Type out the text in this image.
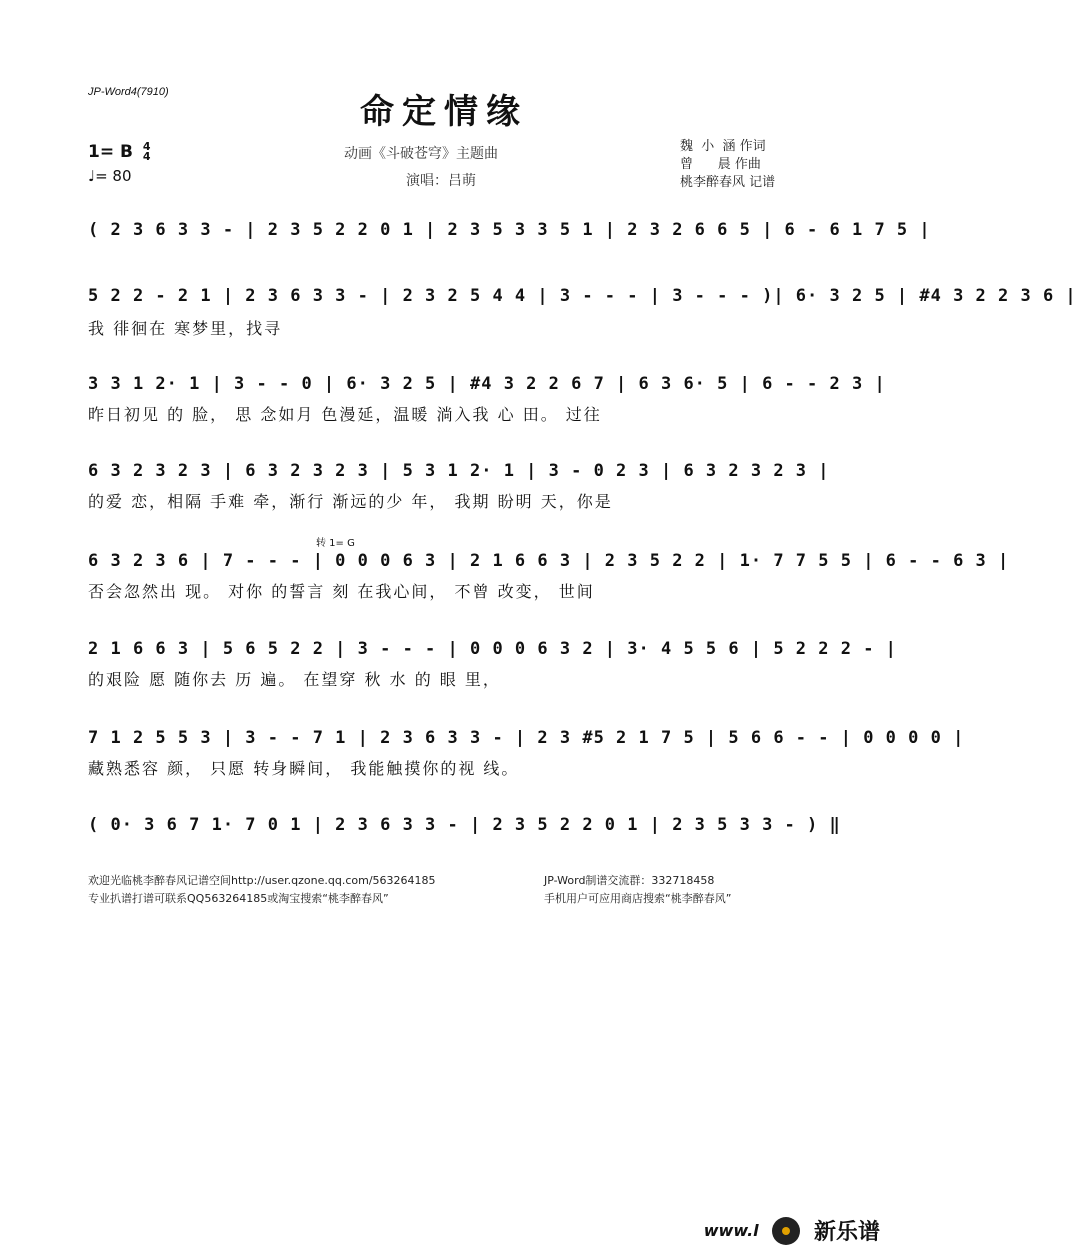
JP-Word4(7910)	命定情缘
动画《斗破苍穹》主题曲
演唱：吕萌
1= B 4
4
♩= 80
魏  小  涵 作词
曾      晨 作曲
桃李醉春风 记谱
( 2 3 6 3 3 - | 2 3 5 2 2 0 1 | 2 3 5 3 3 5 1 | 2 3 2 6 6 5 | 6 - 6 1 7 5 |
5 2 2 - 2 1 | 2 3 6 3 3 - | 2 3 2 5 4 4 | 3 - - - | 3 - - - )| 6· 3 2 5 | #4 3 2 2 3 6 |
我 徘徊在 寒梦里，找寻
3 3 1 2· 1 | 3 - - 0 | 6· 3 2 5 | #4 3 2 2 6 7 | 6 3 6· 5 | 6 - - 2 3 |
昨日初见 的 脸， 思 念如月 色漫延，温暖 淌入我 心 田。 过往
6 3 2 3 2 3 | 6 3 2 3 2 3 | 5 3 1 2· 1 | 3 - 0 2 3 | 6 3 2 3 2 3 |
的爱 恋，相隔 手难 牵，渐行 渐远的少 年， 我期 盼明 天，你是
转 1= G
6 3 2 3 6 | 7 - - - | 0 0 0 6 3 | 2 1 6 6 3 | 2 3 5 2 2 | 1· 7 7 5 5 | 6 - - 6 3 |
否会忽然出 现。 对你 的誓言 刻 在我心间， 不曾 改变， 世间
2 1 6 6 3 | 5 6 5 2 2 | 3 - - - | 0 0 0 6 3 2 | 3· 4 5 5 6 | 5 2 2 2 - |
的艰险 愿 随你去 历 遍。 在望穿 秋 水 的 眼 里，
7 1 2 5 5 3 | 3 - - 7 1 | 2 3 6 3 3 - | 2 3 #5 2 1 7 5 | 5 6 6 - - | 0 0 0 0 |
藏熟悉容 颜， 只愿 转身瞬间， 我能触摸你的视 线。
( 0· 3 6 7 1· 7 0 1 | 2 3 6 3 3 - | 2 3 5 2 2 0 1 | 2 3 5 3 3 - ) ‖
欢迎光临桃李醉春风记谱空间http://user.qzone.qq.com/563264185	JP-Word制谱交流群：332718458
专业扒谱打谱可联系QQ563264185或淘宝搜索“桃李醉春风”	手机用户可应用商店搜索“桃李醉春风”
www.l	新乐谱
